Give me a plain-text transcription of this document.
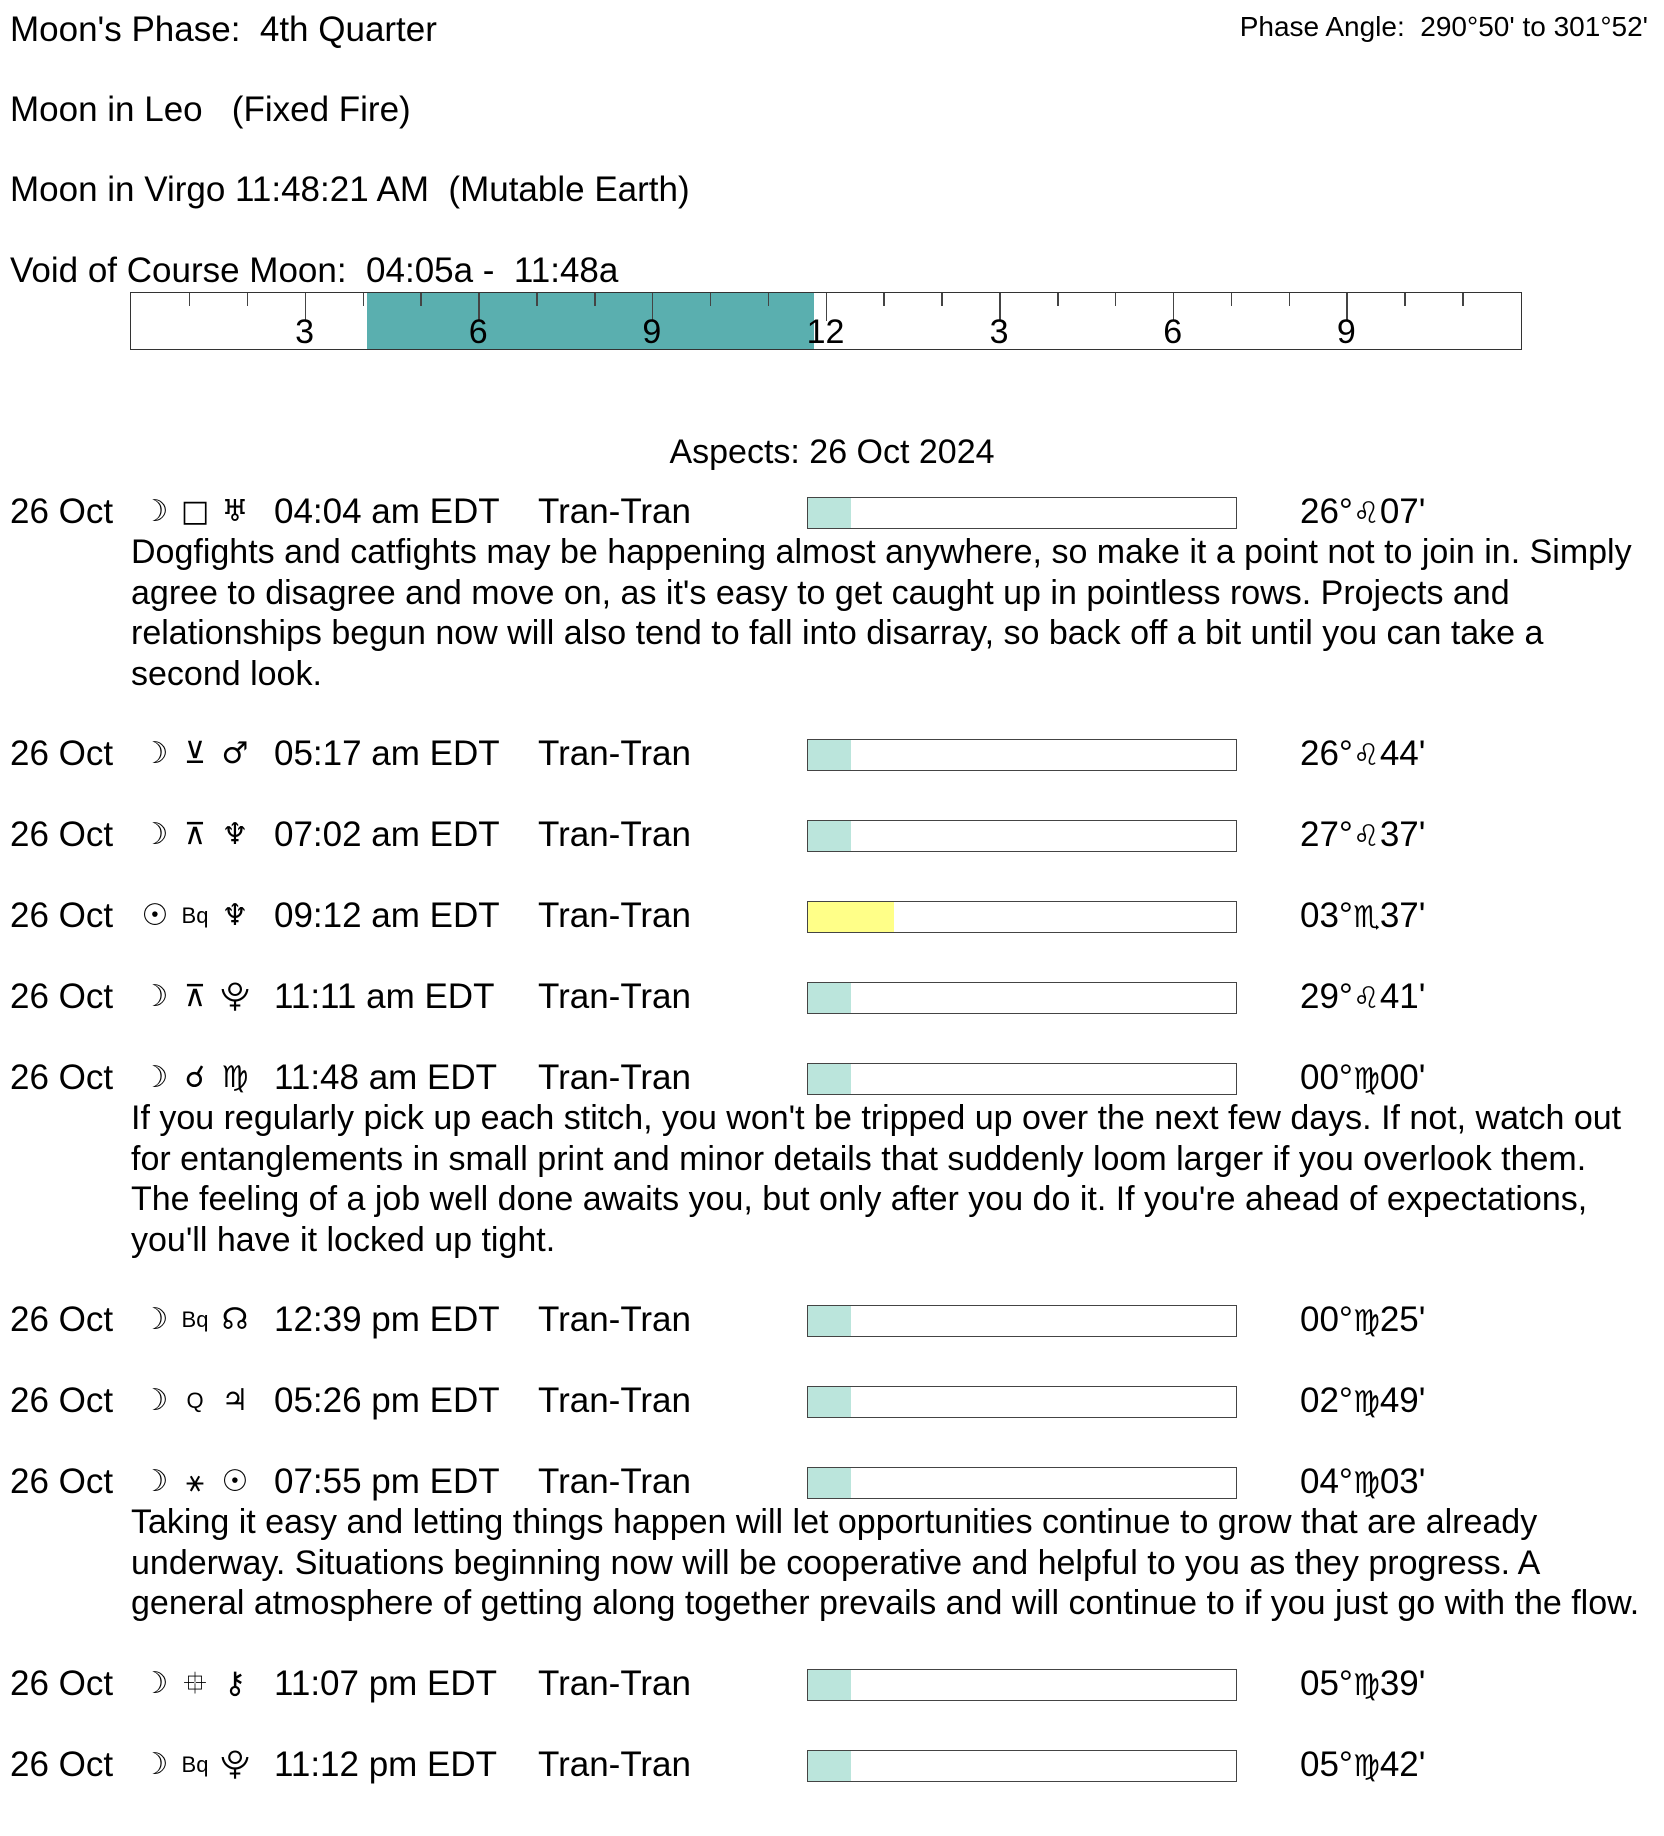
Moon's Phase:  4th Quarter	Phase Angle:  290°50' to 301°52'
Moon in Leo   (Fixed Fire)
Moon in Virgo 11:48:21 AM  (Mutable Earth)
Void of Course Moon:  04:05a -  11:48a
3	6	9	12	3	6	9
Aspects: 26 Oct 2024
26 Oct ☽ □ ♅ 04:04 am EDT Tran-Tran	26°♌07'
Dogfights and catfights may be happening almost anywhere, so make it a point not to join in. Simply agree to disagree and move on, as it's easy to get caught up in pointless rows. Projects and relationships begun now will also tend to fall into disarray, so back off a bit until you can take a second look.
26 Oct ☽ ⊻ ♂ 05:17 am EDT Tran-Tran	26°♌44'
26 Oct ☽ ⊼ ♆ 07:02 am EDT Tran-Tran	27°♌37'
26 Oct ☉ Bq ♆ 09:12 am EDT Tran-Tran	03°♏37'
26 Oct ☽ ⊼ ⯓ 11:11 am EDT Tran-Tran	29°♌41'
26 Oct ☽ ☌ ♍ 11:48 am EDT Tran-Tran	00°♍00'
If you regularly pick up each stitch, you won't be tripped up over the next few days. If not, watch out for entanglements in small print and minor details that suddenly loom larger if you overlook them. The feeling of a job well done awaits you, but only after you do it. If you're ahead of expectations, you'll have it locked up tight.
26 Oct ☽ Bq ☊ 12:39 pm EDT Tran-Tran	00°♍25'
26 Oct ☽ Q ♃ 05:26 pm EDT Tran-Tran	02°♍49'
26 Oct ☽ ⚹ ☉ 07:55 pm EDT Tran-Tran	04°♍03'
Taking it easy and letting things happen will let opportunities continue to grow that are already underway. Situations beginning now will be cooperative and helpful to you as they progress. A general atmosphere of getting along together prevails and will continue to if you just go with the flow.
26 Oct ☽ ⯐ ⚷ 11:07 pm EDT Tran-Tran	05°♍39'
26 Oct ☽ Bq ⯓ 11:12 pm EDT Tran-Tran	05°♍42'
